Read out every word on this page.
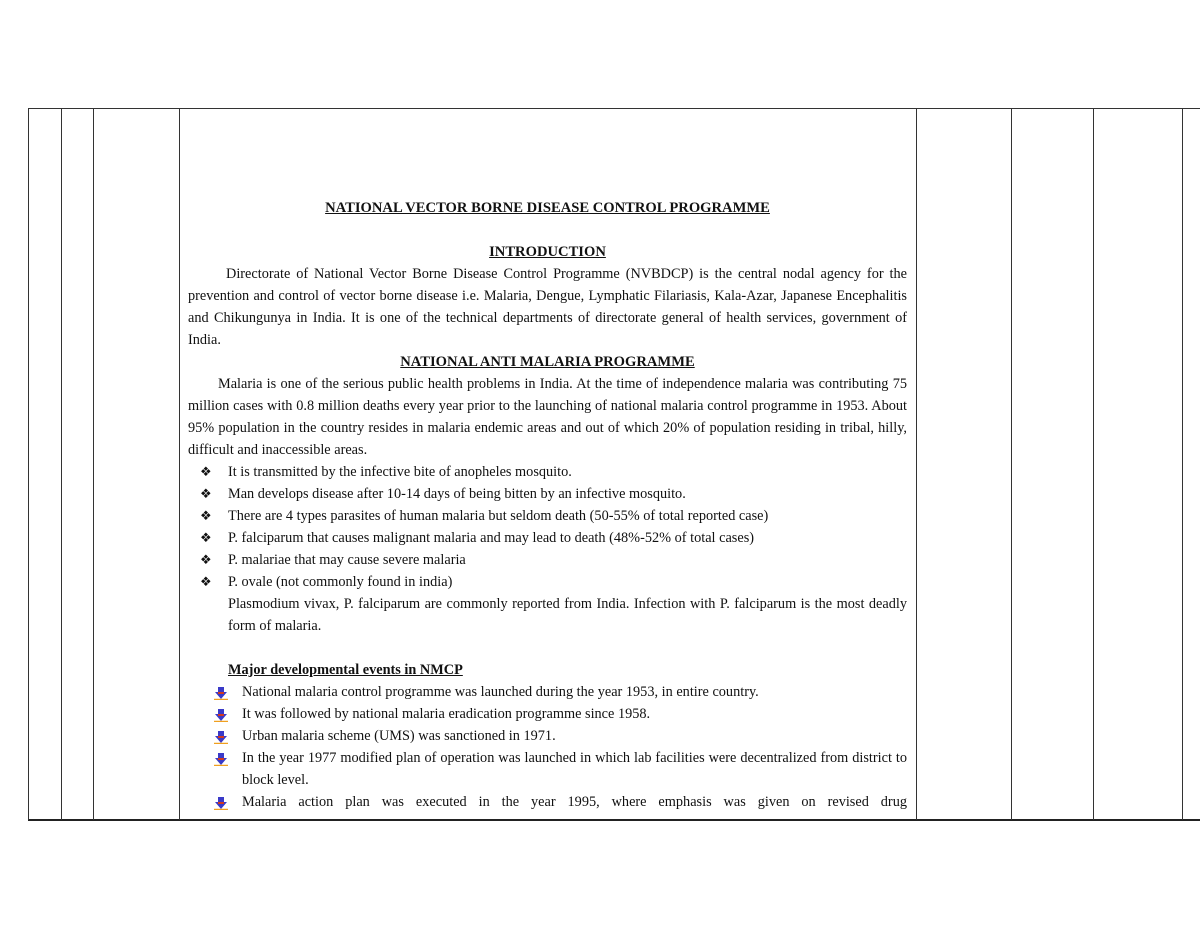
NATIONAL VECTOR BORNE DISEASE CONTROL PROGRAMME
INTRODUCTION
Directorate of National Vector Borne Disease Control Programme (NVBDCP) is the central nodal agency for the prevention and control of vector borne disease i.e. Malaria, Dengue, Lymphatic Filariasis, Kala-Azar, Japanese Encephalitis and Chikungunya in India. It is one of the technical departments of directorate general of health services, government of India.
NATIONAL ANTI MALARIA PROGRAMME
Malaria is one of the serious public health problems in India. At the time of independence malaria was contributing 75 million cases with 0.8 million deaths every year prior to the launching of national malaria control programme in 1953. About 95% population in the country resides in malaria endemic areas and out of which 20% of population residing in tribal, hilly, difficult and inaccessible areas.
❖ It is transmitted by the infective bite of anopheles mosquito.
❖ Man develops disease after 10-14 days of being bitten by an infective mosquito.
❖ There are 4 types parasites of human malaria but seldom death (50-55% of total reported case)
❖ P. falciparum that causes malignant malaria and may lead to death (48%-52% of total cases)
❖ P. malariae that may cause severe malaria
❖ P. ovale (not commonly found in india)
Plasmodium vivax, P. falciparum are commonly reported from India. Infection with P. falciparum is the most deadly form of malaria.
Major developmental events in NMCP
National malaria control programme was launched during the year 1953, in entire country.
It was followed by national malaria eradication programme since 1958.
Urban malaria scheme (UMS) was sanctioned in 1971.
In the year 1977 modified plan of operation was launched in which lab facilities were decentralized from district to block level.
Malaria action plan was executed in the year 1995, where emphasis was given on revised drug
